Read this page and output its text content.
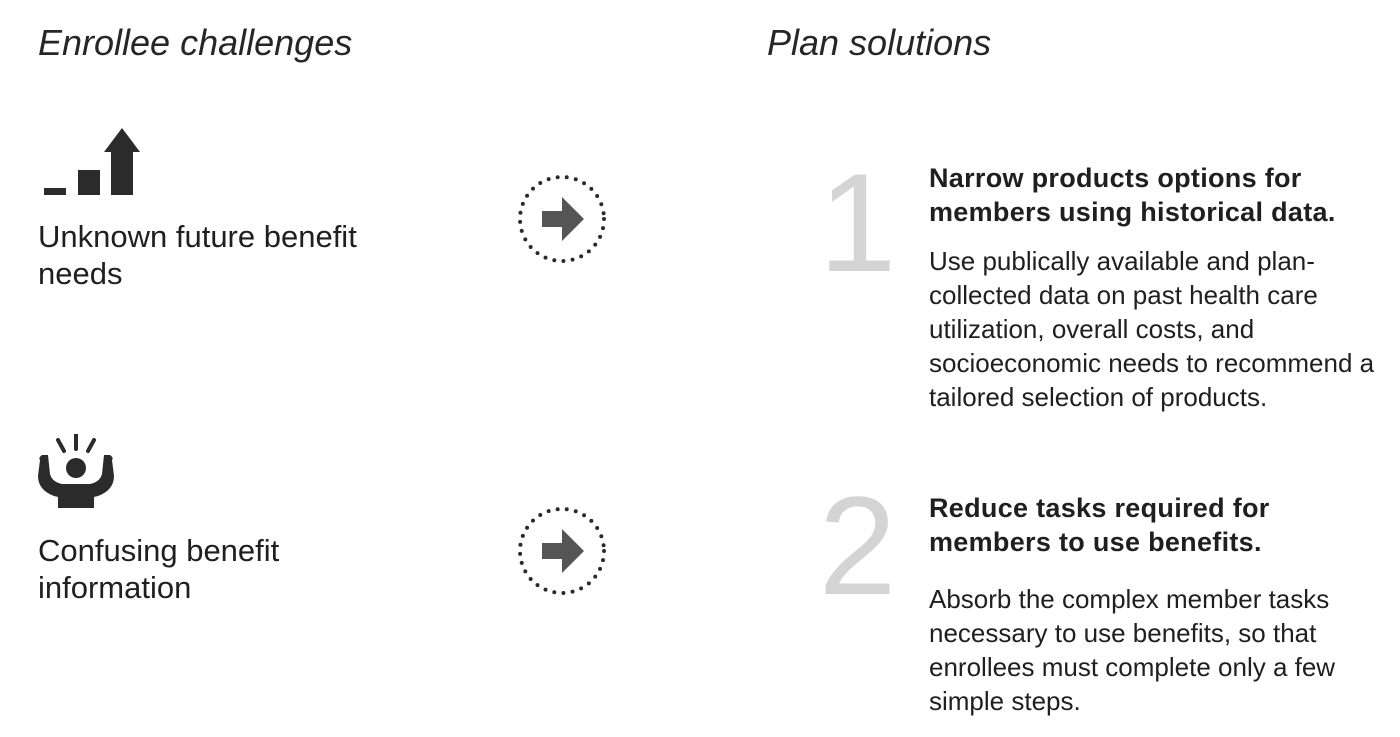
Enrollee challenges	Plan solutions
Unknown future benefit needs
Confusing benefit information
1	Narrow products options for members using historical data.
Use publically available and plan-collected data on past health care utilization, overall costs, and socioeconomic needs to recommend a tailored selection of products.
2	Reduce tasks required for members to use benefits.
Absorb the complex member tasks necessary to use benefits, so that enrollees must complete only a few simple steps.
